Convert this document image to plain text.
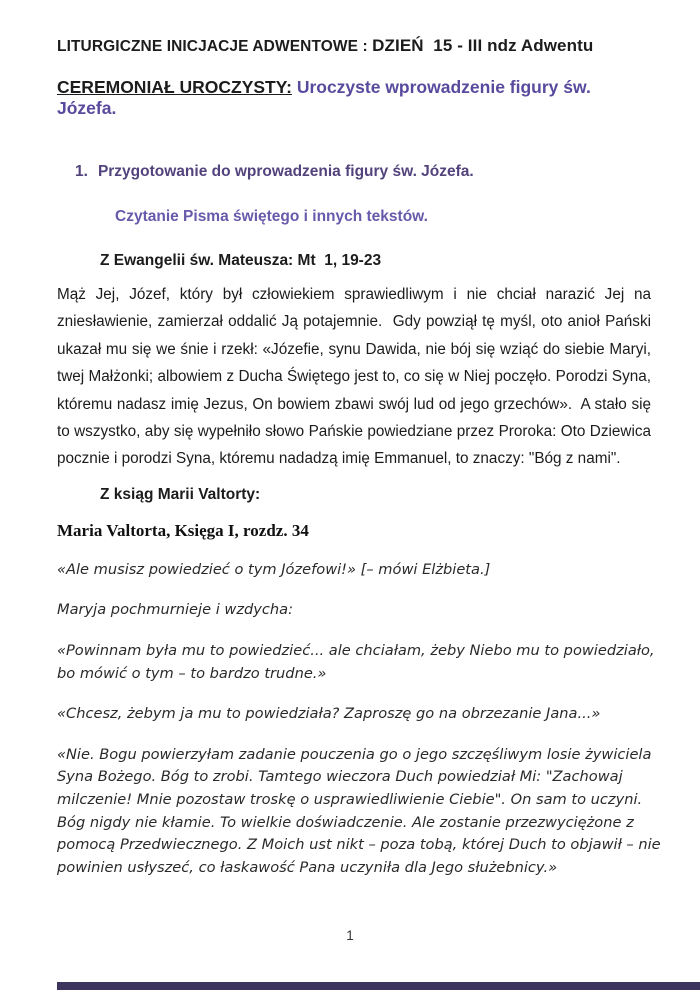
LITURGICZNE INICJACJE ADWENTOWE : DZIEŃ  15 - III ndz Adwentu
CEREMONIAŁ UROCZYSTY: Uroczyste wprowadzenie figury św. Józefa.
1. Przygotowanie do wprowadzenia figury św. Józefa.
Czytanie Pisma świętego i innych tekstów.
Z Ewangelii św. Mateusza: Mt  1, 19-23
Mąż Jej, Józef, który był człowiekiem sprawiedliwym i nie chciał narazić Jej na zniesławienie, zamierzał oddalić Ją potajemnie.  Gdy powziął tę myśl, oto anioł Pański ukazał mu się we śnie i rzekł: «Józefie, synu Dawida, nie bój się wziąć do siebie Maryi, twej Małżonki; albowiem z Ducha Świętego jest to, co się w Niej poczęło. Porodzi Syna, któremu nadasz imię Jezus, On bowiem zbawi swój lud od jego grzechów».  A stało się to wszystko, aby się wypełniło słowo Pańskie powiedziane przez Proroka: Oto Dziewica pocznie i porodzi Syna, któremu nadadzą imię Emmanuel, to znaczy: "Bóg z nami".
Z ksiąg Marii Valtorty:
Maria Valtorta, Księga I, rozdz. 34
«Ale musisz powiedzieć o tym Józefowi!» [– mówi Elżbieta.]
Maryja pochmurnieje i wzdycha:
«Powinnam była mu to powiedzieć... ale chciałam, żeby Niebo mu to powiedziało, bo mówić o tym – to bardzo trudne.»
«Chcesz, żebym ja mu to powiedziała? Zaproszę go na obrzezanie Jana...»
«Nie. Bogu powierzyłam zadanie pouczenia go o jego szczęśliwym losie żywiciela Syna Bożego. Bóg to zrobi. Tamtego wieczora Duch powiedział Mi: "Zachowaj milczenie! Mnie pozostaw troskę o usprawiedliwienie Ciebie". On sam to uczyni. Bóg nigdy nie kłamie. To wielkie doświadczenie. Ale zostanie przezwyciężone z pomocą Przedwiecznego. Z Moich ust nikt – poza tobą, której Duch to objawił – nie powinien usłyszeć, co łaskawość Pana uczyniła dla Jego służebnicy.»
1
